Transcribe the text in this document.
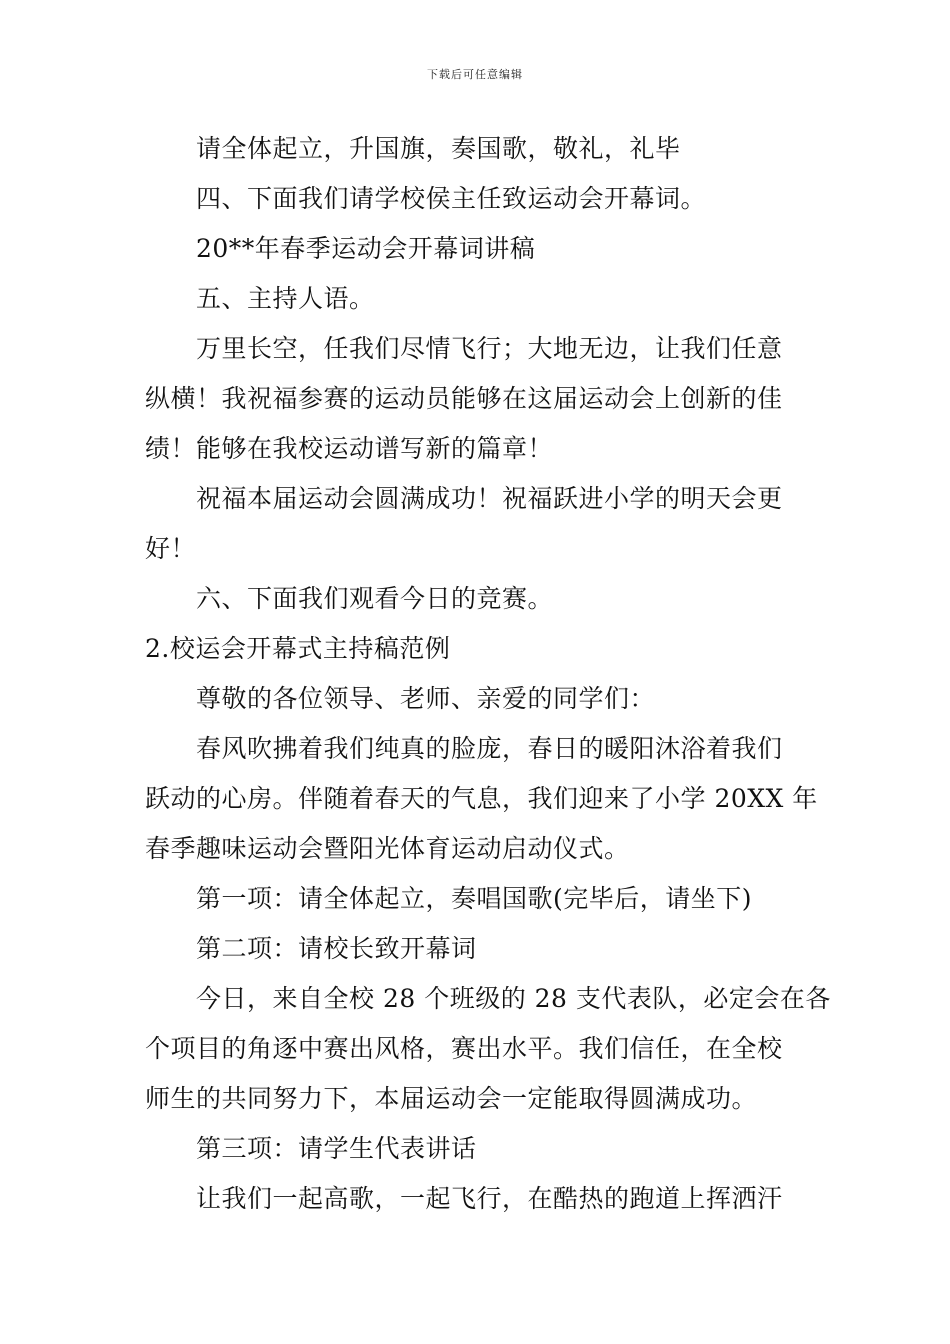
下载后可任意编辑
请全体起立，升国旗，奏国歌，敬礼，礼毕
四、下面我们请学校侯主任致运动会开幕词。
20**年春季运动会开幕词讲稿
五、主持人语。
万里长空，任我们尽情飞行；大地无边，让我们任意
纵横！我祝福参赛的运动员能够在这届运动会上创新的佳
绩！能够在我校运动谱写新的篇章！
祝福本届运动会圆满成功！祝福跃进小学的明天会更
好！
六、下面我们观看今日的竞赛。
2.校运会开幕式主持稿范例
尊敬的各位领导、老师、亲爱的同学们：
春风吹拂着我们纯真的脸庞，春日的暖阳沐浴着我们
跃动的心房。伴随着春天的气息，我们迎来了小学 20XX 年
春季趣味运动会暨阳光体育运动启动仪式。
第一项：请全体起立，奏唱国歌(完毕后，请坐下)
第二项：请校长致开幕词
今日，来自全校 28 个班级的 28 支代表队，必定会在各
个项目的角逐中赛出风格，赛出水平。我们信任，在全校
师生的共同努力下，本届运动会一定能取得圆满成功。
第三项：请学生代表讲话
让我们一起高歌，一起飞行，在酷热的跑道上挥洒汗
